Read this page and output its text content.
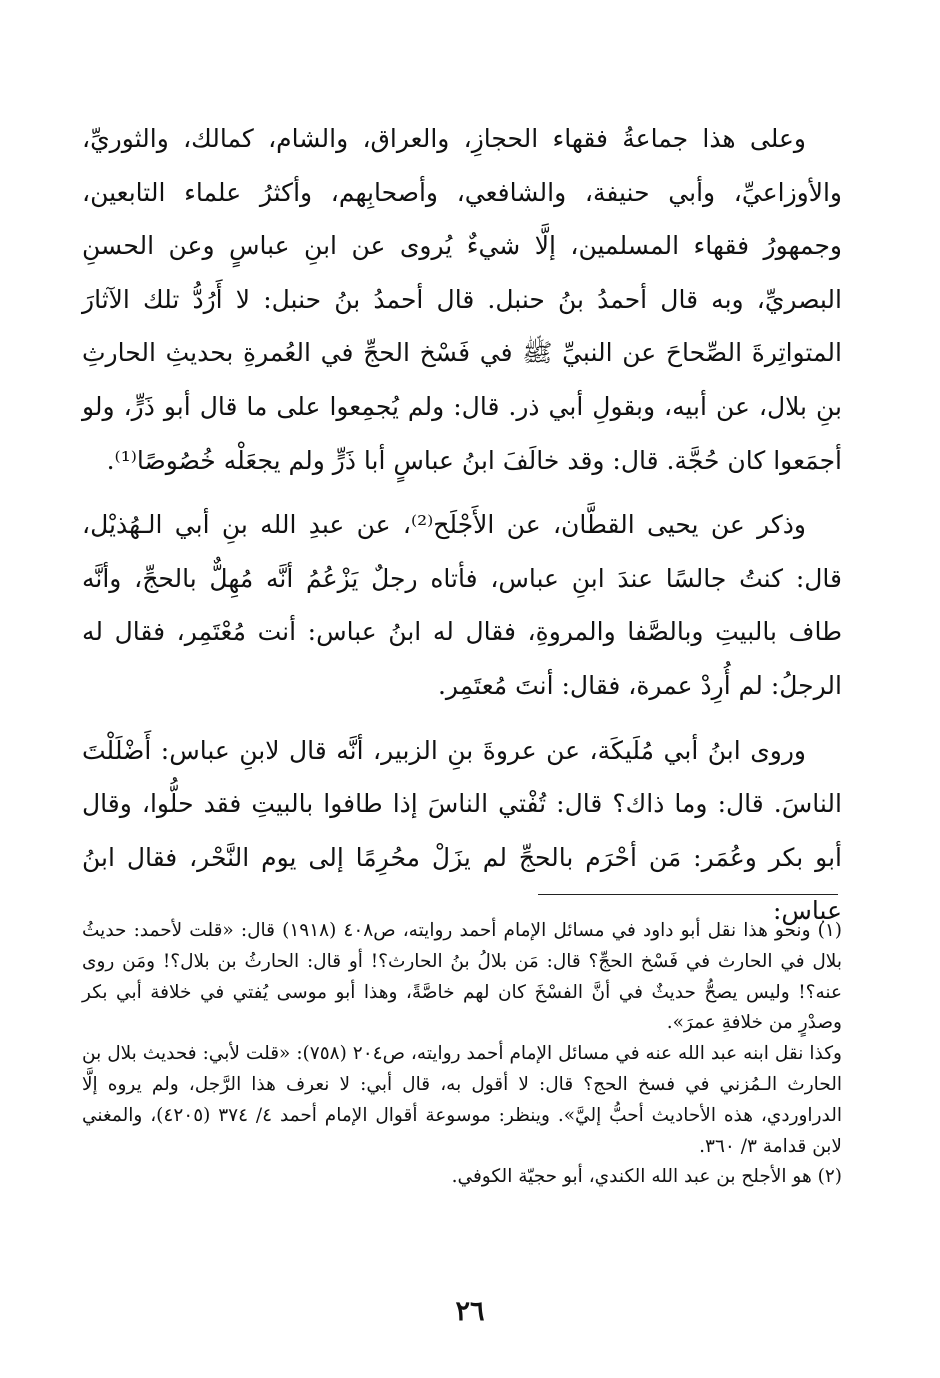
وعلى هذا جماعةُ فقهاء الحجازِ، والعراق، والشام، كمالك، والثوريِّ، والأوزاعيِّ، وأبي حنيفة، والشافعي، وأصحابِهم، وأكثرُ علماء التابعين، وجمهورُ فقهاء المسلمين، إلَّا شيءٌ يُروى عن ابنِ عباسٍ وعن الحسنِ البصريِّ، وبه قال أحمدُ بنُ حنبل. قال أحمدُ بنُ حنبل: لا أَرُدُّ تلك الآثارَ المتواتِرةَ الصِّحاحَ عن النبيِّ ﷺ في فَسْخ الحجِّ في العُمرةِ بحديثِ الحارثِ بنِ بلال، عن أبيه، وبقولِ أبي ذر. قال: ولم يُجمِعوا على ما قال أبو ذَرٍّ، ولو أجمَعوا كان حُجَّة. قال: وقد خالَفَ ابنُ عباسٍ أبا ذَرٍّ ولم يجعَلْه خُصُوصًا⁽¹⁾.

وذكر عن يحيى القطَّان، عن الأَجْلَح⁽²⁾، عن عبدِ الله بنِ أبي الـهُذيْل، قال: كنتُ جالسًا عندَ ابنِ عباس، فأتاه رجلٌ يَزْعُمُ أنَّه مُهِلٌّ بالحجِّ، وأنَّه طاف بالبيتِ وبالصَّفا والمروةِ، فقال له ابنُ عباس: أنت مُعْتَمِر، فقال له الرجلُ: لم أُرِدْ عمرة، فقال: أنتَ مُعتَمِر.

وروى ابنُ أبي مُلَيكَة، عن عروةَ بنِ الزبير، أنَّه قال لابنِ عباس: أَضْلَلْتَ الناسَ. قال: وما ذاك؟ قال: تُفْتي الناسَ إذا طافوا بالبيتِ فقد حلُّوا، وقال أبو بكر وعُمَر: مَن أحْرَم بالحجِّ لم يزَلْ محُرِمًا إلى يوم النَّحْر، فقال ابنُ عباس:

(١) ونحو هذا نقل أبو داود في مسائل الإمام أحمد روايته، ص٤٠٨ (١٩١٨) قال: «قلت لأحمد: حديثُ بلال في الحارث في فَسْخ الحجِّ؟ قال: مَن بلالُ بنُ الحارث؟! أو قال: الحارثُ بن بلال؟! ومَن روى عنه؟! وليس يصحُّ حديثٌ في أنَّ الفسْخَ كان لهم خاصَّةً، وهذا أبو موسى يُفتي في خلافة أبي بكر وصدْرٍ من خلافةِ عمرَ».

وكذا نقل ابنه عبد الله عنه في مسائل الإمام أحمد روايته، ص٢٠٤ (٧٥٨): «قلت لأبي: فحديث بلال بن الحارث الـمُزني في فسخ الحج؟ قال: لا أقول به، قال أبي: لا نعرف هذا الرَّجل، ولم يروه إلَّا الدراوردي، هذه الأحاديث أحبُّ إليَّ». وينظر: موسوعة أقوال الإمام أحمد ٤/ ٣٧٤ (٤٢٠٥)، والمغني لابن قدامة ٣/ ٣٦٠.

(٢) هو الأجلح بن عبد الله الكندي، أبو حجيّة الكوفي.

٢٦
